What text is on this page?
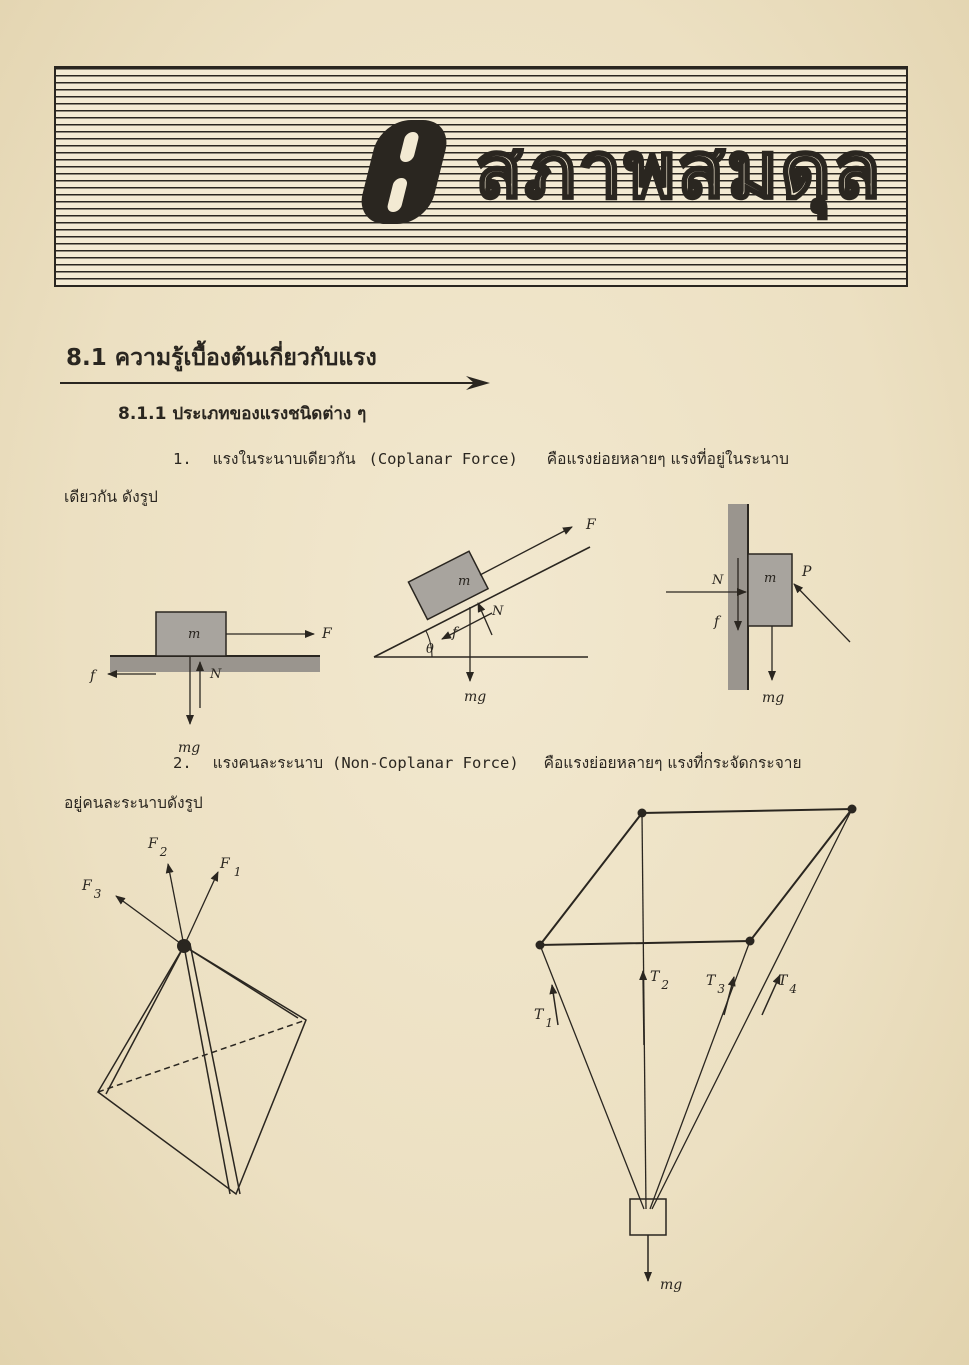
สภาพสมดุล
8.1 ความรู้เบื้องต้นเกี่ยวกับแรง
8.1.1 ประเภทของแรงชนิดต่าง ๆ
1. แรงในระนาบเดียวกัน (Coplanar Force) คือแรงย่อยหลายๆ แรงที่อยู่ในระนาบ
เดียวกัน ดังรูป
m	F
f	N
mg
m
F
f
N
θ
mg
m P
N
f
mg
2. แรงคนละระนาบ (Non-Coplanar Force) คือแรงย่อยหลายๆ แรงที่กระจัดกระจาย
อยู่คนละระนาบดังรูป
F 1
F 2
F 3
T 1
T 2	T 3	T 4
mg
